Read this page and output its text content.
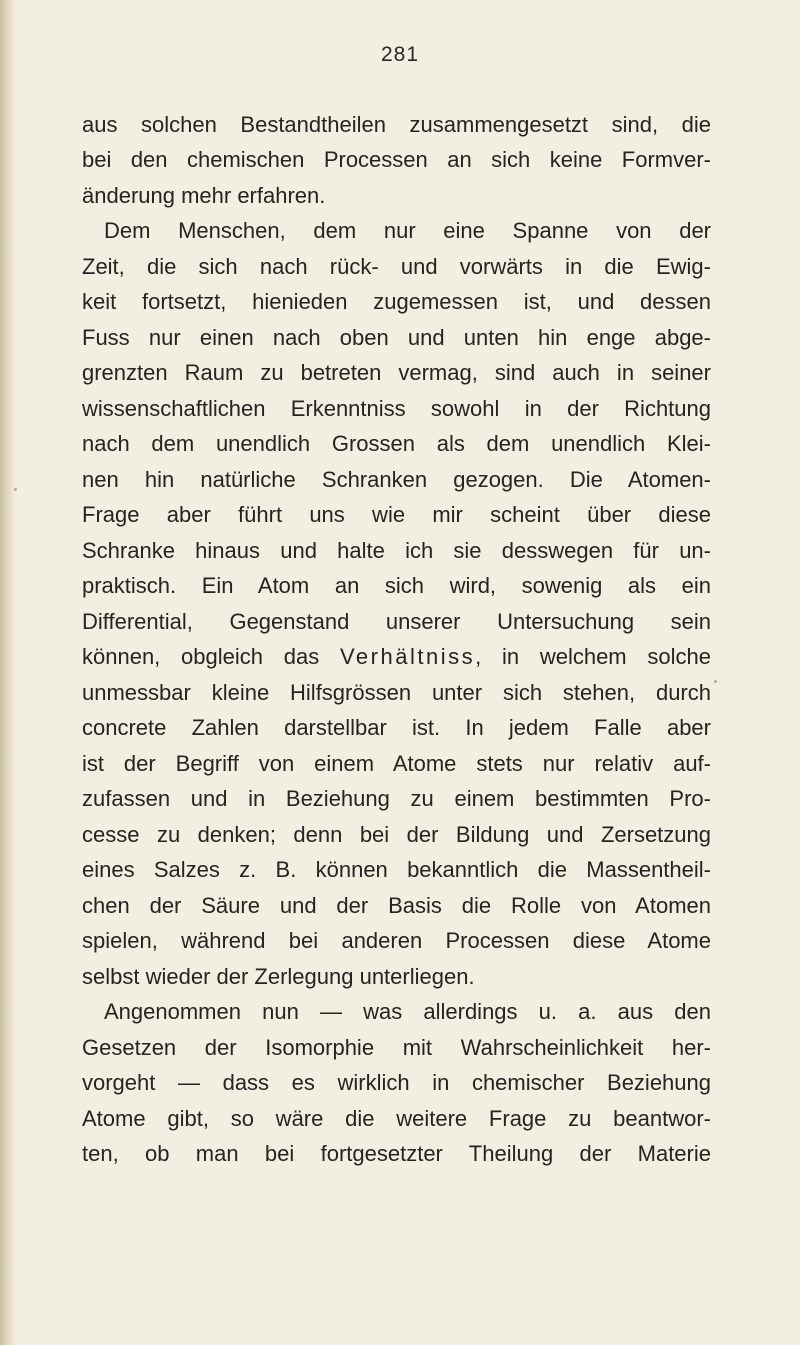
281
aus solchen Bestandtheilen zusammengesetzt sind, die
bei den chemischen Processen an sich keine Formver-
änderung mehr erfahren.
Dem Menschen, dem nur eine Spanne von der
Zeit, die sich nach rück- und vorwärts in die Ewig-
keit fortsetzt, hienieden zugemessen ist, und dessen
Fuss nur einen nach oben und unten hin enge abge-
grenzten Raum zu betreten vermag, sind auch in seiner
wissenschaftlichen Erkenntniss sowohl in der Richtung
nach dem unendlich Grossen als dem unendlich Klei-
nen hin natürliche Schranken gezogen. Die Atomen-
Frage aber führt uns wie mir scheint über diese
Schranke hinaus und halte ich sie desswegen für un-
praktisch. Ein Atom an sich wird, sowenig als ein
Differential, Gegenstand unserer Untersuchung sein
können, obgleich das Verhältniss, in welchem solche
unmessbar kleine Hilfsgrössen unter sich stehen, durch
concrete Zahlen darstellbar ist. In jedem Falle aber
ist der Begriff von einem Atome stets nur relativ auf-
zufassen und in Beziehung zu einem bestimmten Pro-
cesse zu denken; denn bei der Bildung und Zersetzung
eines Salzes z. B. können bekanntlich die Massentheil-
chen der Säure und der Basis die Rolle von Atomen
spielen, während bei anderen Processen diese Atome
selbst wieder der Zerlegung unterliegen.
Angenommen nun — was allerdings u. a. aus den
Gesetzen der Isomorphie mit Wahrscheinlichkeit her-
vorgeht — dass es wirklich in chemischer Beziehung
Atome gibt, so wäre die weitere Frage zu beantwor-
ten, ob man bei fortgesetzter Theilung der Materie
